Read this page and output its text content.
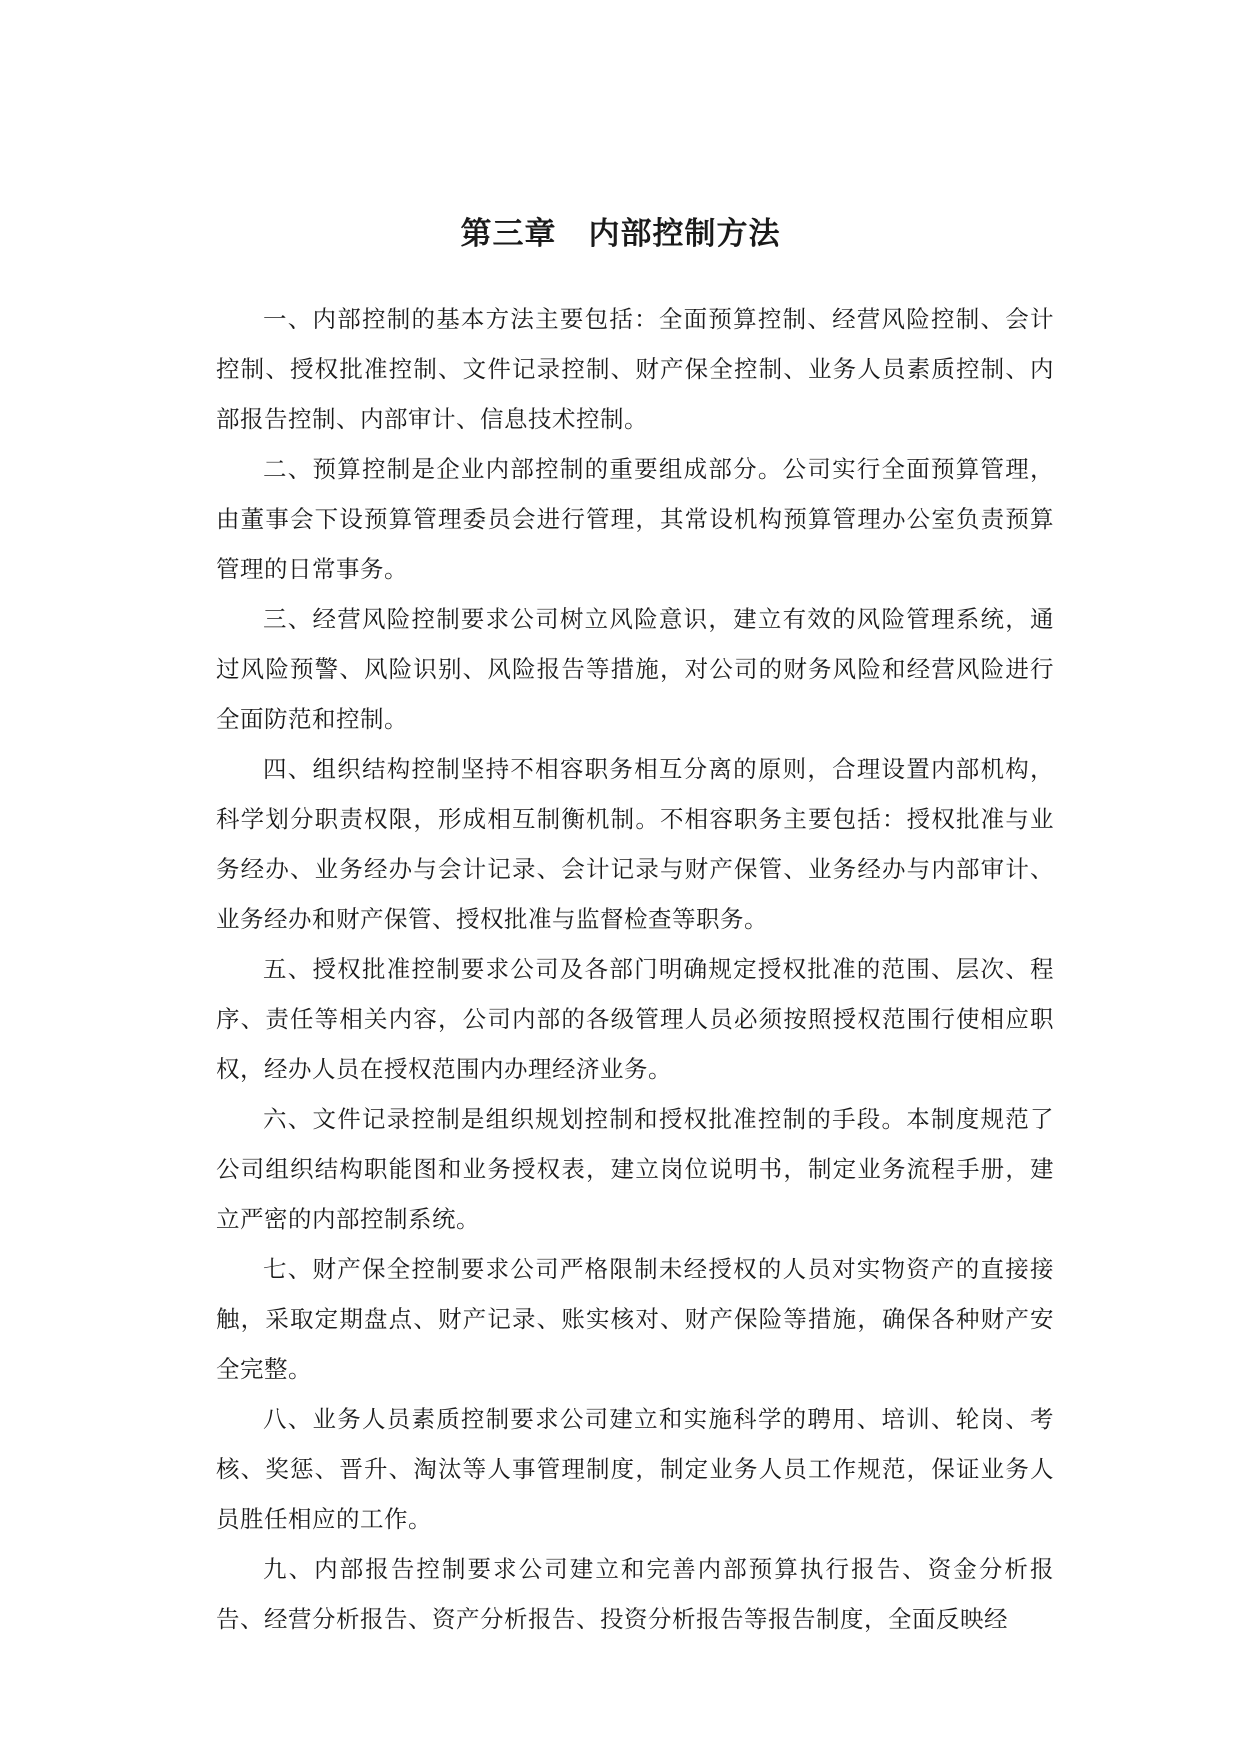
第三章　内部控制方法

一、内部控制的基本方法主要包括：全面预算控制、经营风险控制、会计控制、授权批准控制、文件记录控制、财产保全控制、业务人员素质控制、内部报告控制、内部审计、信息技术控制。

二、预算控制是企业内部控制的重要组成部分。公司实行全面预算管理，由董事会下设预算管理委员会进行管理，其常设机构预算管理办公室负责预算管理的日常事务。

三、经营风险控制要求公司树立风险意识，建立有效的风险管理系统，通过风险预警、风险识别、风险报告等措施，对公司的财务风险和经营风险进行全面防范和控制。

四、组织结构控制坚持不相容职务相互分离的原则，合理设置内部机构，科学划分职责权限，形成相互制衡机制。不相容职务主要包括：授权批准与业务经办、业务经办与会计记录、会计记录与财产保管、业务经办与内部审计、业务经办和财产保管、授权批准与监督检查等职务。

五、授权批准控制要求公司及各部门明确规定授权批准的范围、层次、程序、责任等相关内容，公司内部的各级管理人员必须按照授权范围行使相应职权，经办人员在授权范围内办理经济业务。

六、文件记录控制是组织规划控制和授权批准控制的手段。本制度规范了公司组织结构职能图和业务授权表，建立岗位说明书，制定业务流程手册，建立严密的内部控制系统。

七、财产保全控制要求公司严格限制未经授权的人员对实物资产的直接接触，采取定期盘点、财产记录、账实核对、财产保险等措施，确保各种财产安全完整。

八、业务人员素质控制要求公司建立和实施科学的聘用、培训、轮岗、考核、奖惩、晋升、淘汰等人事管理制度，制定业务人员工作规范，保证业务人员胜任相应的工作。

九、内部报告控制要求公司建立和完善内部预算执行报告、资金分析报告、经营分析报告、资产分析报告、投资分析报告等报告制度，全面反映经
